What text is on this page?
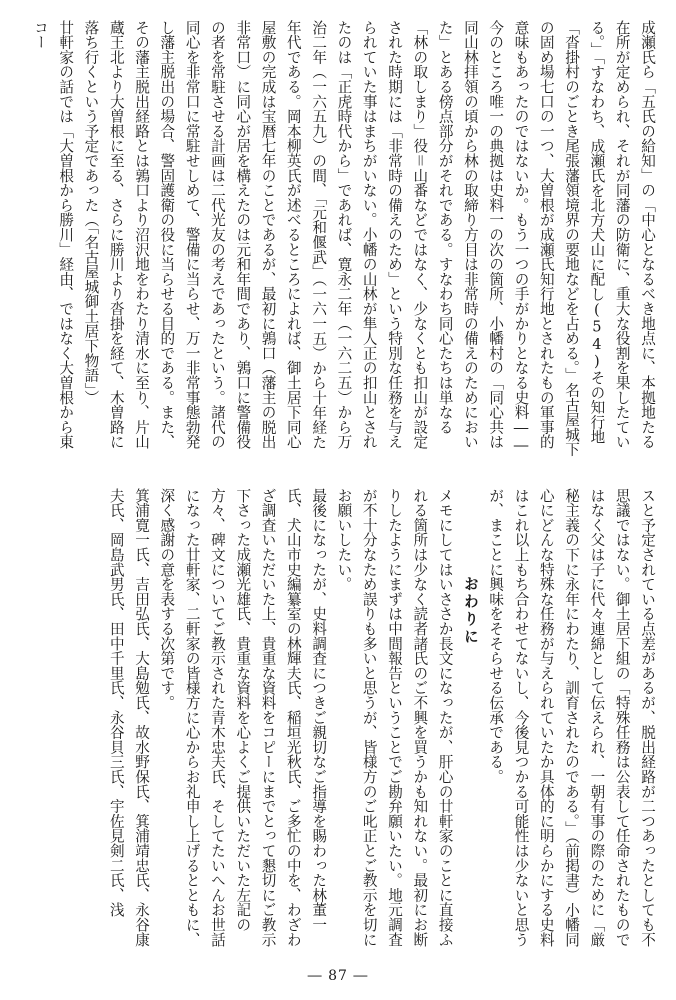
成瀬氏ら「五氏の給知」の「中心となるべき地点に、本拠地たる在所が定められ、それが同藩の防衛に、重大な役割を果したている。」「すなわち、成瀬氏を北方犬山に配し(54)その知行地「沓掛村のごとき尾張藩領境界の要地などを占める。」名古屋城下の固め場七口の一つ、大曽根が成瀬氏知行地とされたもの軍事的意味もあったのではないか。もう一つの手がかりとなる史料――今のところ唯一の典拠は史料一の次の箇所、小幡村の「同心共は同山林拝領の頃から林の取締り方目は非常時の備えのためにおいた」とある傍点部分がそれである。すなわち同心たちは単なる「林の取しまり」役＝山番などではなく、少なくとも扣山が設定された時期には「非常時の備えのため」という特別な任務を与えられていた事はまちがいない。小幡の山林が隼人正の扣山とされたのは「正虎時代から」であれば、寛永二年（一六二五）から万治二年（一六五九）の間、「元和偃武」（一六一五）から十年経た年代である。岡本柳英氏が述べるところによれば、御土居下同心屋敷の完成は宝暦七年のことであるが、最初に鶉口（藩主の脱出非常口）に同心が居を構えたのは元和年間であり、鶉口に警備役の者を常駐させる計画は二代光友の考えであったという。諸代の同心を非常口に常駐せしめて、警備に当らせ、万一非常事態勃発し藩主脱出の場合、警固護衛の役に当らせる目的である。また、その藩主脱出経路とは鶉口より沼沢地をわたり清水に至り、片山蔵王北より大曽根に至る、さらに勝川より沓掛を経て、木曽路に落ち行くという予定であった（「名古屋城御土居下物語」）

廿軒家の話では「大曽根から勝川」経由、ではなく大曽根から東コー

スと予定されている点差があるが、脱出経路が二つあったとしても不思議ではない。御土居下組の「特殊任務は公表して任命されたものではなく父は子に代々連綿として伝えられ、一朝有事の際のために「厳秘主義の下に永年にわたり、訓育されたのである。」（前掲書）小幡同心にどんな特殊な任務が与えられていたか具体的に明らかにする史料はこれ以上もち合わせてないし、今後見つかる可能性は少ないと思うが、まことに興味をそそらせる伝承である。

おわりに

メモにしてはいささか長文になったが、肝心の廿軒家のことに直接ふれる箇所は少なく読者諸氏のご不興を買うかも知れない。最初にお断りしたようにまずは中間報告ということでご勘弁願いたい。地元調査が不十分なため誤りも多いと思うが、皆様方のご叱正とご教示を切にお願いしたい。

最後になったが、史料調査につきご親切なご指導を賜わった林董一氏、犬山市史編纂室の林輝夫氏、稲垣光秋氏、ご多忙の中を、わざわざ調査いただいた上、貴重な資料をコピーにまでとって懇切にご教示下さった成瀬光雄氏、貴重な資料を心よくご提供いただいた左記の方々、碑文についてご教示された青木忠夫氏、そしてたいへんお世話になった廿軒家、二軒家の皆様方に心からお礼申し上げるとともに、深く感謝の意を表する次第です。

箕浦寛一氏、吉田弘氏、大島勉氏、故水野保氏、箕浦靖忠氏、永谷康夫氏、岡島武男氏、田中千里氏、永谷貝三氏、宇佐見剣二氏、浅

― 87 ―
